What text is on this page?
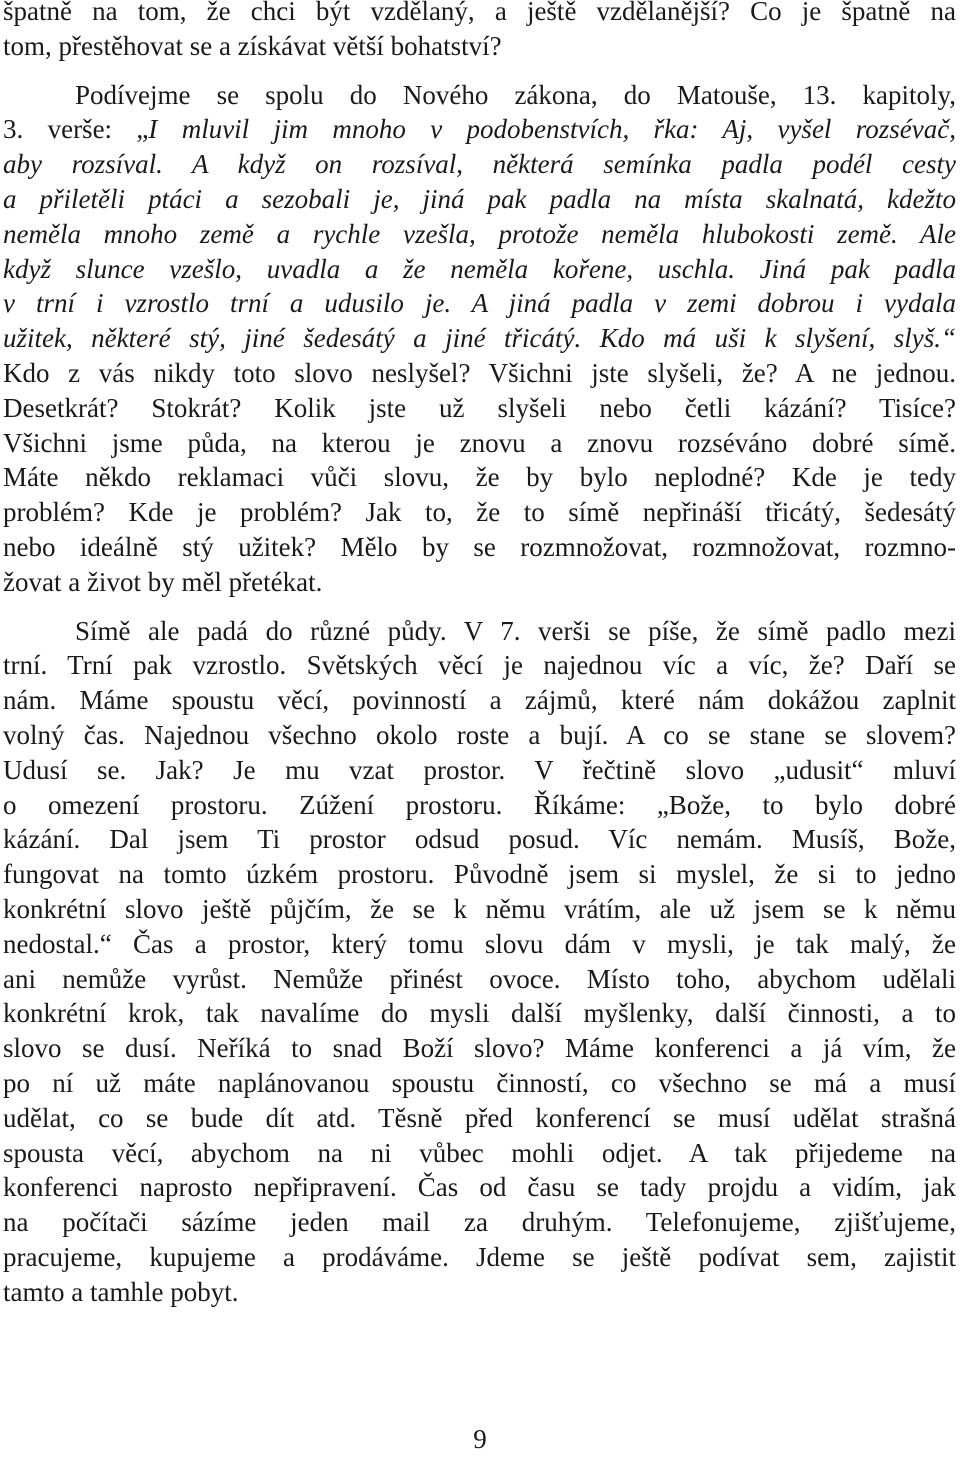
špatně na tom, že chci být vzdělaný, a ještě vzdělanější? Co je špatně na
tom, přestěhovat se a získávat větší bohatství?
Podívejme se spolu do Nového zákona, do Matouše, 13. kapitoly,
3. verše: „I mluvil jim mnoho v podobenstvích, řka: Aj, vyšel rozsévač,
aby rozsíval. A když on rozsíval, některá semínka padla podél cesty
a přiletěli ptáci a sezobali je, jiná pak padla na místa skalnatá, kdežto
neměla mnoho země a rychle vzešla, protože neměla hlubokosti země. Ale
když slunce vzešlo, uvadla a že neměla kořene, uschla. Jiná pak padla
v trní i vzrostlo trní a udusilo je. A jiná padla v zemi dobrou i vydala
užitek, některé stý, jiné šedesátý a jiné třicátý. Kdo má uši k slyšení, slyš.“
Kdo z vás nikdy toto slovo neslyšel? Všichni jste slyšeli, že? A ne jednou.
Desetkrát? Stokrát? Kolik jste už slyšeli nebo četli kázání? Tisíce?
Všichni jsme půda, na kterou je znovu a znovu rozséváno dobré símě.
Máte někdo reklamaci vůči slovu, že by bylo neplodné? Kde je tedy
problém? Kde je problém? Jak to, že to símě nepřináší třicátý, šedesátý
nebo ideálně stý užitek? Mělo by se rozmnožovat, rozmnožovat, rozmno-
žovat a život by měl přetékat.
Símě ale padá do různé půdy. V 7. verši se píše, že símě padlo mezi
trní. Trní pak vzrostlo. Světských věcí je najednou víc a víc, že? Daří se
nám. Máme spoustu věcí, povinností a zájmů, které nám dokážou zaplnit
volný čas. Najednou všechno okolo roste a bují. A co se stane se slovem?
Udusí se. Jak? Je mu vzat prostor. V řečtině slovo „udusit“ mluví
o omezení prostoru. Zúžení prostoru. Říkáme: „Bože, to bylo dobré
kázání. Dal jsem Ti prostor odsud posud. Víc nemám. Musíš, Bože,
fungovat na tomto úzkém prostoru. Původně jsem si myslel, že si to jedno
konkrétní slovo ještě půjčím, že se k němu vrátím, ale už jsem se k němu
nedostal.“ Čas a prostor, který tomu slovu dám v mysli, je tak malý, že
ani nemůže vyrůst. Nemůže přinést ovoce. Místo toho, abychom udělali
konkrétní krok, tak navalíme do mysli další myšlenky, další činnosti, a to
slovo se dusí. Neříká to snad Boží slovo? Máme konferenci a já vím, že
po ní už máte naplánovanou spoustu činností, co všechno se má a musí
udělat, co se bude dít atd. Těsně před konferencí se musí udělat strašná
spousta věcí, abychom na ni vůbec mohli odjet. A tak přijedeme na
konferenci naprosto nepřipravení. Čas od času se tady projdu a vidím, jak
na počítači sázíme jeden mail za druhým. Telefonujeme, zjišťujeme,
pracujeme, kupujeme a prodáváme. Jdeme se ještě podívat sem, zajistit
tamto a tamhle pobyt.
9
